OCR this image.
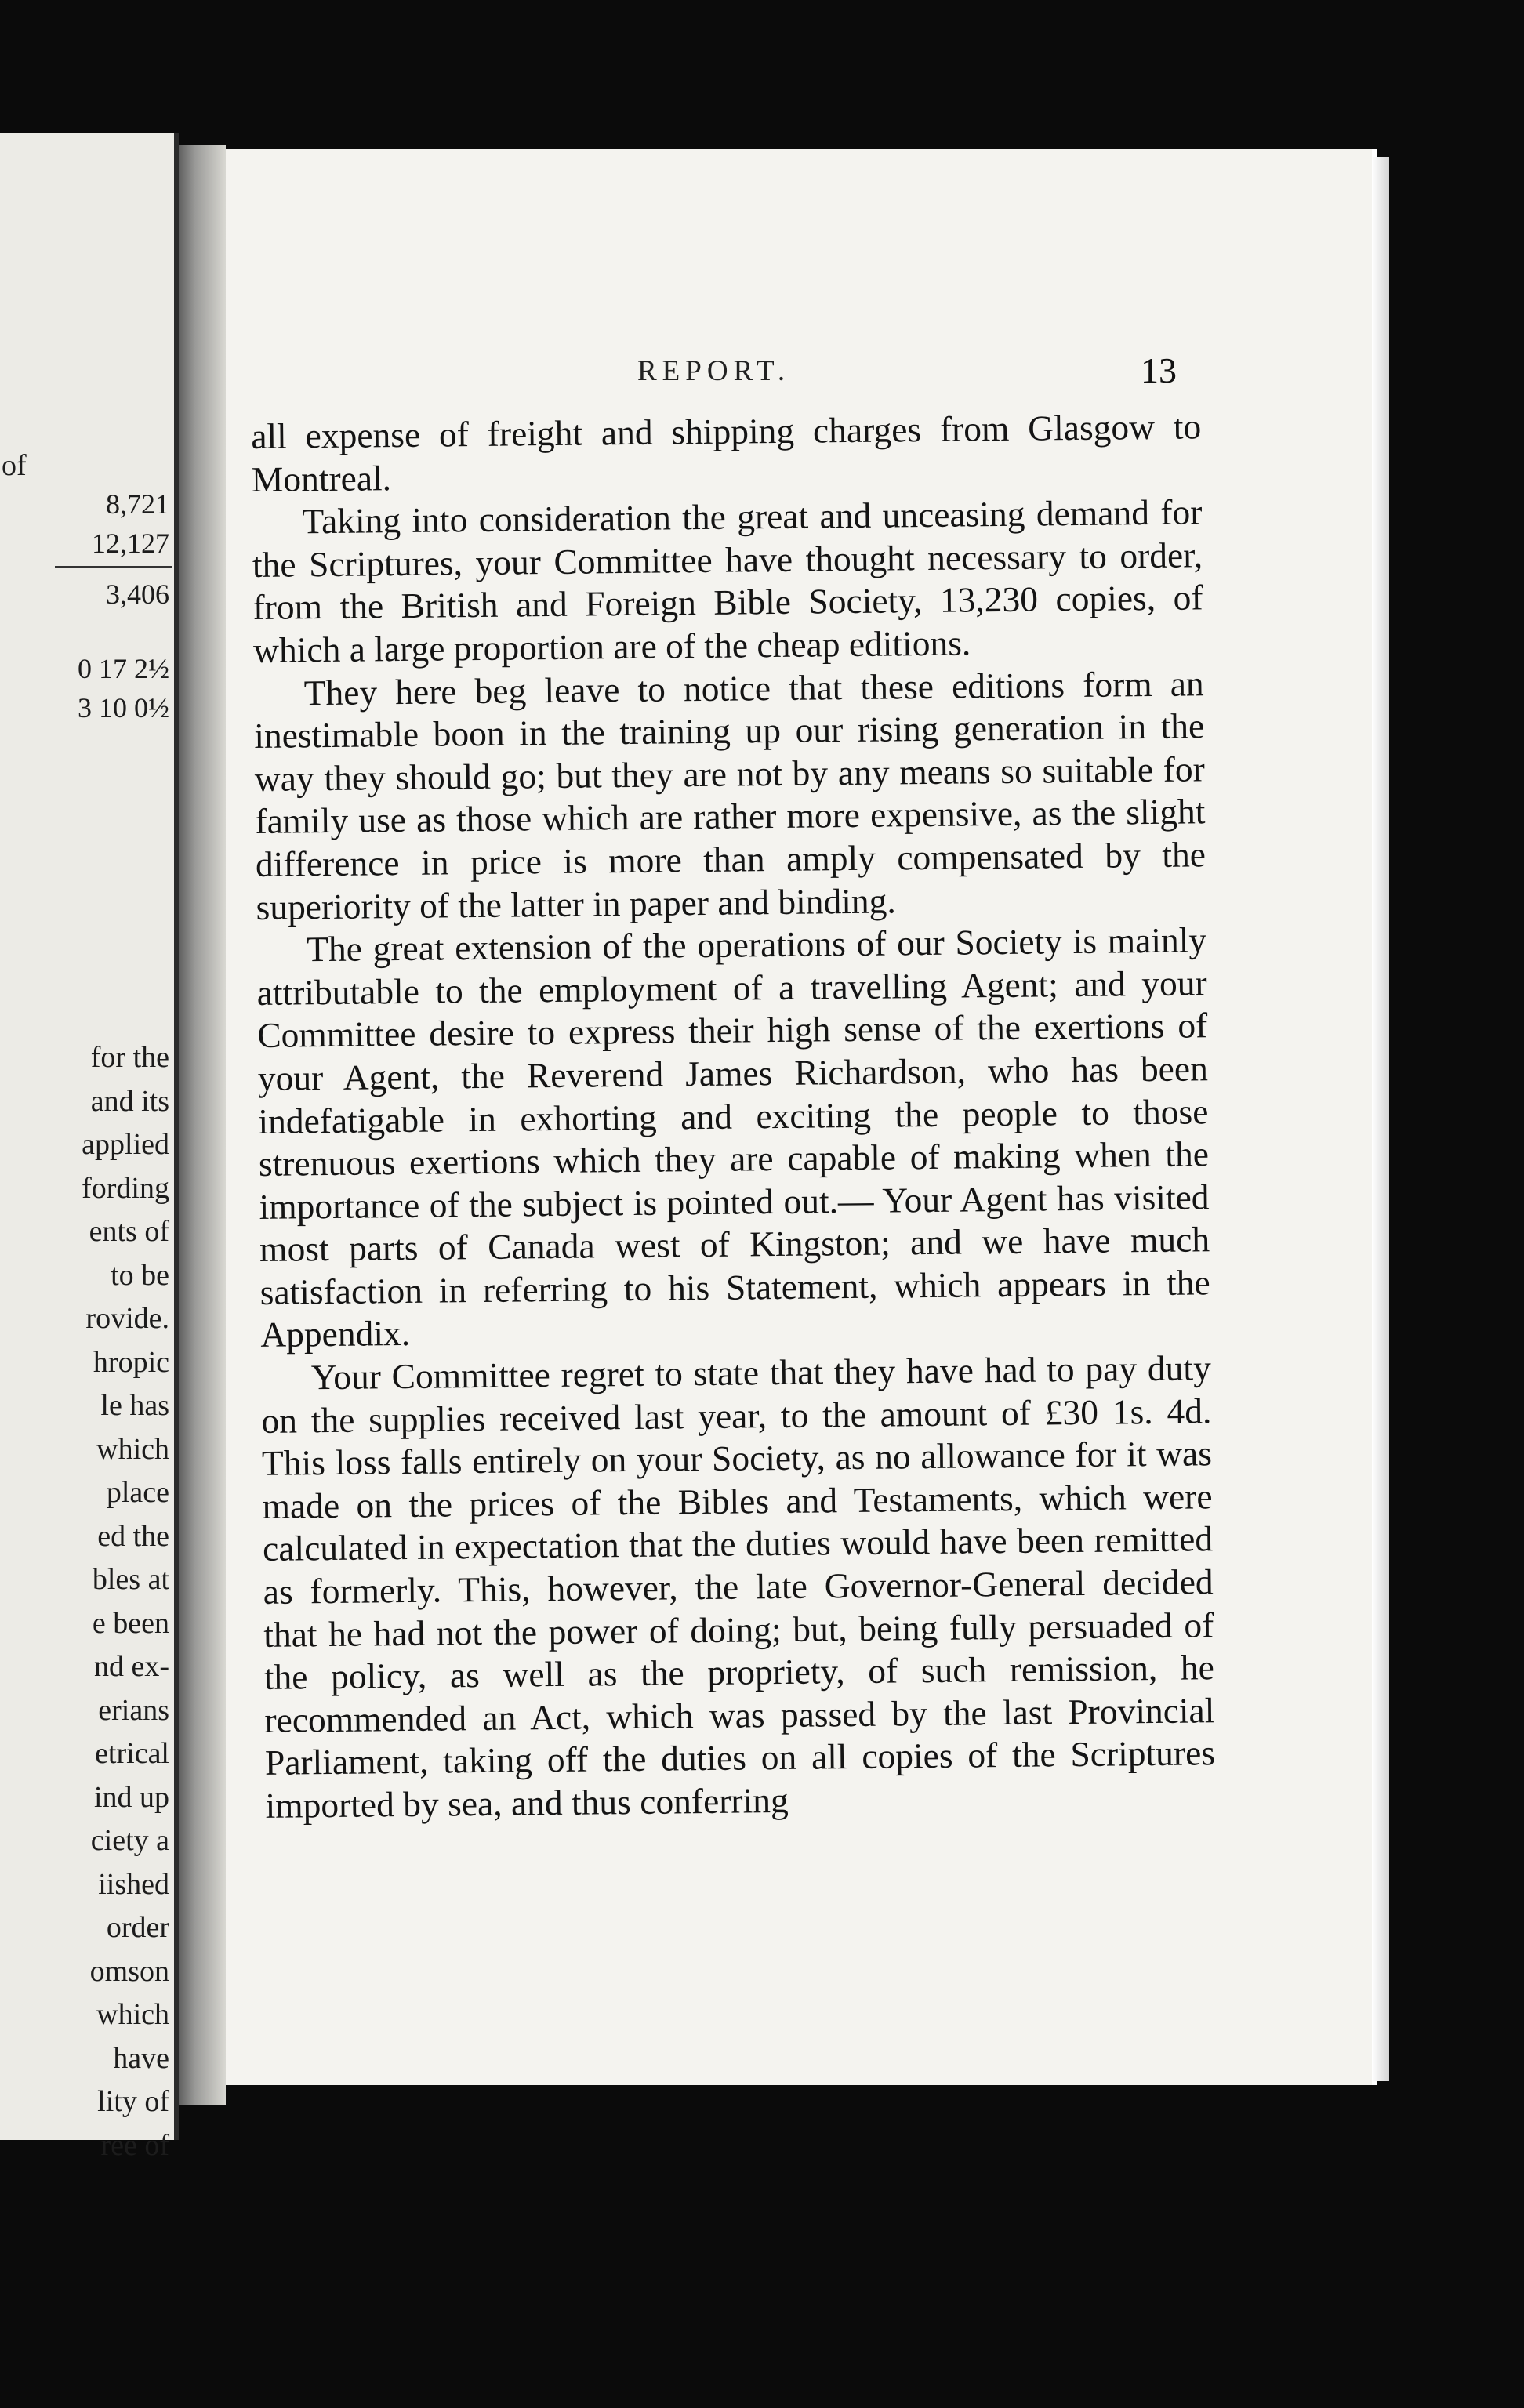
of
8,721
12,127
3,406
0 17 2½
3 10 0½
for the
and its
applied
fording
ents of
to be
rovide.
hropic
le has
which
place
ed the
bles at
e been
nd ex-
erians
etrical
ind up
ciety a
iished
order
omson
which
have
lity of
ree of
REPORT.	13

all expense of freight and shipping charges from Glasgow to Montreal.

Taking into consideration the great and unceasing demand for the Scriptures, your Committee have thought necessary to order, from the British and Foreign Bible Society, 13,230 copies, of which a large proportion are of the cheap editions.

They here beg leave to notice that these editions form an inestimable boon in the training up our rising generation in the way they should go; but they are not by any means so suitable for family use as those which are rather more expensive, as the slight difference in price is more than amply compensated by the superiority of the latter in paper and binding.

The great extension of the operations of our Society is mainly attributable to the employment of a travelling Agent; and your Committee desire to express their high sense of the exertions of your Agent, the Reverend James Richardson, who has been indefatigable in exhorting and exciting the people to those strenuous exertions which they are capable of making when the importance of the subject is pointed out.— Your Agent has visited most parts of Canada west of Kingston; and we have much satisfaction in referring to his Statement, which appears in the Appendix.

Your Committee regret to state that they have had to pay duty on the supplies received last year, to the amount of £30 1s. 4d. This loss falls entirely on your Society, as no allowance for it was made on the prices of the Bibles and Testaments, which were calculated in expectation that the duties would have been remitted as formerly. This, however, the late Governor-General decided that he had not the power of doing; but, being fully persuaded of the policy, as well as the propriety, of such remission, he recommended an Act, which was passed by the last Provincial Parliament, taking off the duties on all copies of the Scriptures imported by sea, and thus conferring
